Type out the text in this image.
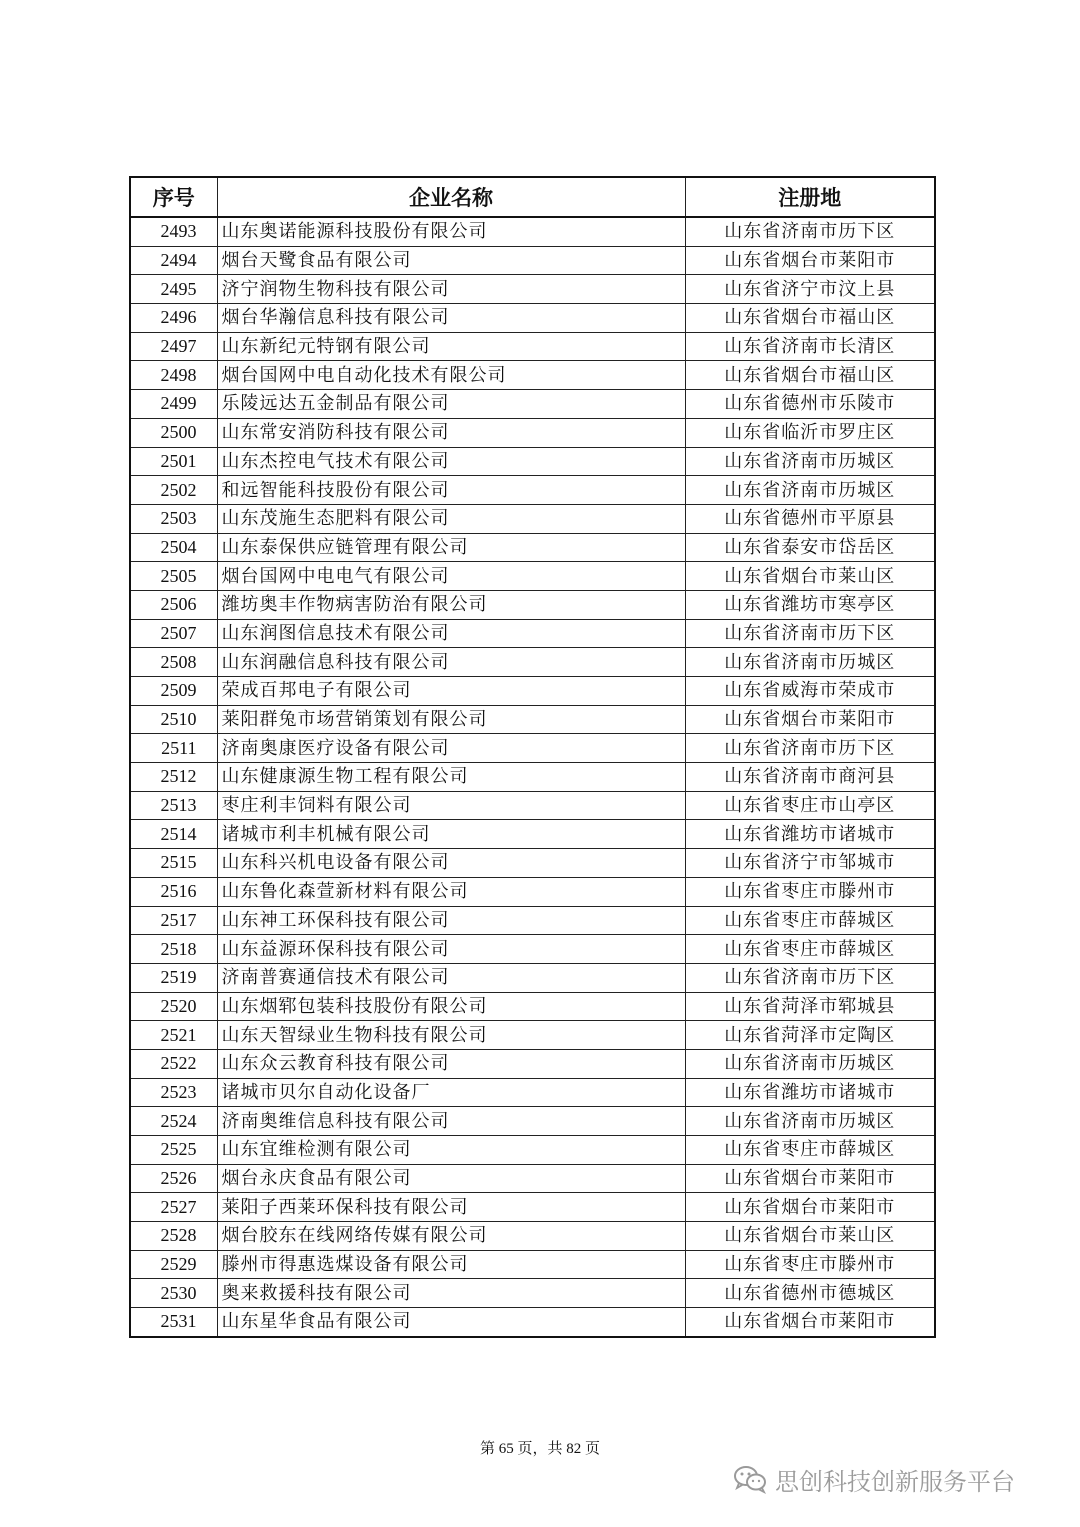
序号	企业名称	注册地
2493	山东奥诺能源科技股份有限公司	山东省济南市历下区
2494	烟台天鹭食品有限公司	山东省烟台市莱阳市
2495	济宁润物生物科技有限公司	山东省济宁市汶上县
2496	烟台华瀚信息科技有限公司	山东省烟台市福山区
2497	山东新纪元特钢有限公司	山东省济南市长清区
2498	烟台国网中电自动化技术有限公司	山东省烟台市福山区
2499	乐陵远达五金制品有限公司	山东省德州市乐陵市
2500	山东常安消防科技有限公司	山东省临沂市罗庄区
2501	山东杰控电气技术有限公司	山东省济南市历城区
2502	和远智能科技股份有限公司	山东省济南市历城区
2503	山东茂施生态肥料有限公司	山东省德州市平原县
2504	山东泰保供应链管理有限公司	山东省泰安市岱岳区
2505	烟台国网中电电气有限公司	山东省烟台市莱山区
2506	潍坊奥丰作物病害防治有限公司	山东省潍坊市寒亭区
2507	山东润图信息技术有限公司	山东省济南市历下区
2508	山东润融信息科技有限公司	山东省济南市历城区
2509	荣成百邦电子有限公司	山东省威海市荣成市
2510	莱阳群兔市场营销策划有限公司	山东省烟台市莱阳市
2511	济南奥康医疗设备有限公司	山东省济南市历下区
2512	山东健康源生物工程有限公司	山东省济南市商河县
2513	枣庄利丰饲料有限公司	山东省枣庄市山亭区
2514	诸城市利丰机械有限公司	山东省潍坊市诸城市
2515	山东科兴机电设备有限公司	山东省济宁市邹城市
2516	山东鲁化森萱新材料有限公司	山东省枣庄市滕州市
2517	山东神工环保科技有限公司	山东省枣庄市薛城区
2518	山东益源环保科技有限公司	山东省枣庄市薛城区
2519	济南普赛通信技术有限公司	山东省济南市历下区
2520	山东烟郓包装科技股份有限公司	山东省菏泽市郓城县
2521	山东天智绿业生物科技有限公司	山东省菏泽市定陶区
2522	山东众云教育科技有限公司	山东省济南市历城区
2523	诸城市贝尔自动化设备厂	山东省潍坊市诸城市
2524	济南奥维信息科技有限公司	山东省济南市历城区
2525	山东宜维检测有限公司	山东省枣庄市薛城区
2526	烟台永庆食品有限公司	山东省烟台市莱阳市
2527	莱阳子西莱环保科技有限公司	山东省烟台市莱阳市
2528	烟台胶东在线网络传媒有限公司	山东省烟台市莱山区
2529	滕州市得惠选煤设备有限公司	山东省枣庄市滕州市
2530	奥来救援科技有限公司	山东省德州市德城区
2531	山东星华食品有限公司	山东省烟台市莱阳市
第 65 页，共 82 页
思创科技创新服务平台
